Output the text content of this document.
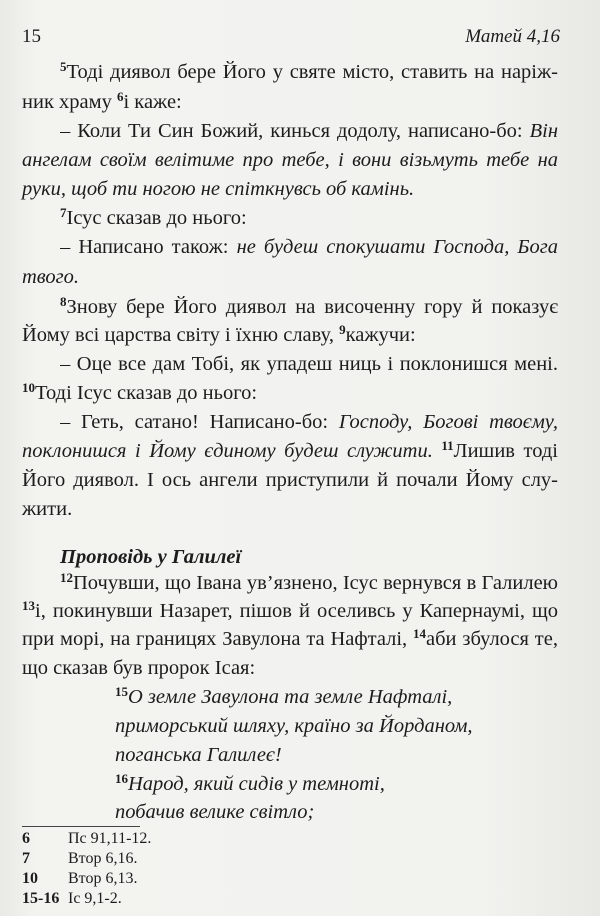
15	Матей 4,16
$^5$Тоді диявол бере Його у святе місто, ставить на наріж-
ник храму $^6$і каже:
– Коли Ти Син Божий, кинься додолу, написано-бо: Він
ангелам своїм велітиме про тебе, і вони візьмуть тебе на
руки, щоб ти ногою не спіткнувсь об камінь.
$^7$Ісус сказав до нього:
– Написано також: не будеш спокушати Господа, Бога
твого.
$^8$Знову бере Його диявол на височенну гору й показує
Йому всі царства світу і їхню славу, $^9$кажучи:
– Оце все дам Тобі, як упадеш ниць і поклонишся мені.
$^{10}$Тоді Ісус сказав до нього:
– Геть, сатано! Написано-бо: Господу, Богові твоєму,
поклонишся і Йому єдиному будеш служити. $^{11}$Лишив тоді
Його диявол. І ось ангели приступили й почали Йому слу-
жити.
$^{12}$Почувши, що Івана ув’язнено, Ісус вернувся в Галилею
$^{13}$і, покинувши Назарет, пішов й оселивсь у Капернаумі, що
при морі, на границях Завулона та Нафталі, $^{14}$аби збулося те,
що сказав був пророк Ісая:
$^{15}$О земле Завулона та земле Нафталі,
приморський шляху, країно за Йорданом,
поганська Галилеє!
$^{16}$Народ, який сидів у темноті,
побачив велике світло;
Проповідь у Галилеї
6 Пс 91,11-12.
7 Втор 6,16.
10 Втор 6,13.
15-16 Іс 9,1-2.
